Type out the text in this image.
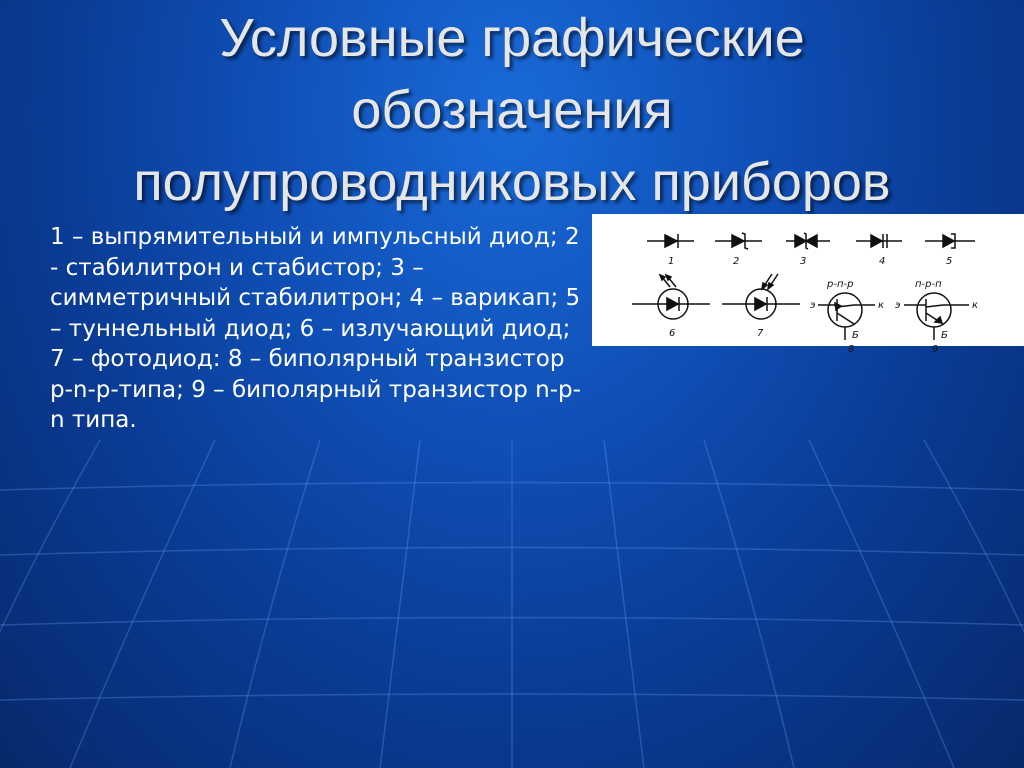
Условные графические
обозначения
полупроводниковых приборов

1 – выпрямительный и импульсный диод; 2 - стабилитрон и стабистор; 3 – симметричный стабилитрон; 4 – варикап; 5 – туннельный диод; 6 – излучающий диод; 7 – фотодиод: 8 – биполярный транзистор p-n-p-типа; 9 – биполярный транзистор n-p-n типа.

1	2	3	4	5
6	7
8	9
р-п-р	п-р-п
э	к
Б
э	к
Б
